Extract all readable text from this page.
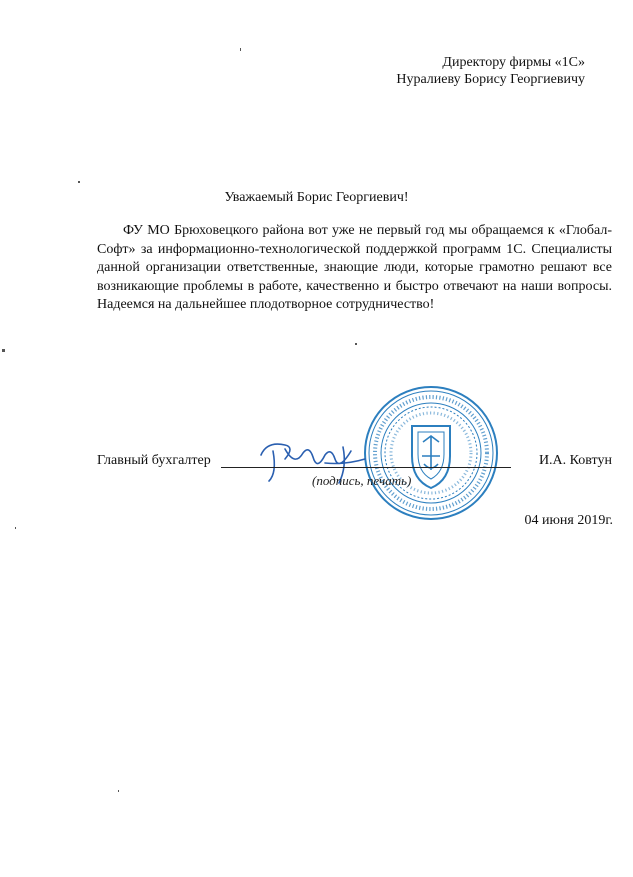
Директору фирмы «1С»
Нуралиеву Борису Георгиевичу
Уважаемый Борис Георгиевич!

ФУ МО Брюховецкого района вот уже не первый год мы обращаемся к «Глобал-Софт» за информационно-технологической поддержкой программ 1С. Специалисты данной организации ответственные, знающие люди, которые грамотно решают все возникающие проблемы в работе, качественно и быстро отвечают на наши вопросы. Надеемся на дальнейшее плодотворное сотрудничество!

Главный бухгалтер
(подпись, печать)
И.А. Ковтун
04 июня 2019г.
